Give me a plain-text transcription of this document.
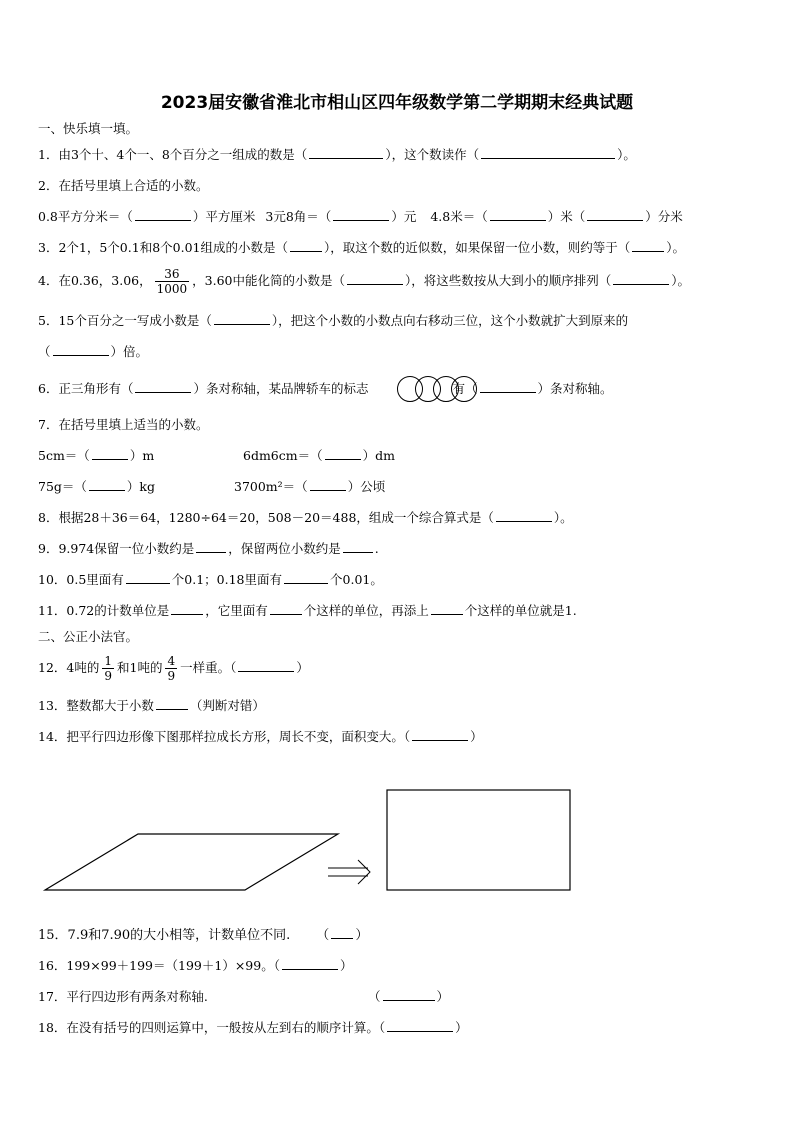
2023届安徽省淮北市相山区四年级数学第二学期期末经典试题
一、快乐填一填。
1．由3个十、4个一、8个百分之一组成的数是（	），这个数读作（	）。
2．在括号里填上合适的小数。
0.8平方分米＝（	）平方厘米 3元8角＝（	）元 4.8米＝（	）米（	）分米
3．2个1，5个0.1和8个0.01组成的小数是（	），取这个数的近似数，如果保留一位小数，则约等于（	）。
4．在0.36，3.06， $\frac{36}{1000}$ ，3.60中能化简的小数是（	），将这些数按从大到小的顺序排列（	）。
5．15个百分之一写成小数是（	），把这个小数的小数点向右移动三位，这个小数就扩大到原来的
（	）倍。
6．正三角形有（	）条对称轴，某品牌轿车的标志	有（	）条对称轴。
7．在括号里填上适当的小数。
5cm＝（	）m	6dm6cm＝（	）dm
75g＝（	）kg	3700m²＝（	）公顷
8．根据28＋36＝64，1280÷64＝20，508－20＝488，组成一个综合算式是（	）。
9．9.974保留一位小数约是	，保留两位小数约是	.
10．0.5里面有	个0.1；0.18里面有	个0.01。
11．0.72的计数单位是	，它里面有	个这样的单位，再添上	个这样的单位就是1.
二、公正小法官。
12．4吨的 $\frac{1}{9}$ 和1吨的 $\frac{4}{9}$ 一样重。（	）
13．整数都大于小数	（判断对错）
14．把平行四边形像下图那样拉成长方形，周长不变，面积变大。（	）
15．7.9和7.90的大小相等，计数单位不同. （ ）
16．199×99＋199＝（199＋1）×99。（	）
17．平行四边形有两条对称轴.	（	）
18．在没有括号的四则运算中，一般按从左到右的顺序计算。（	）
